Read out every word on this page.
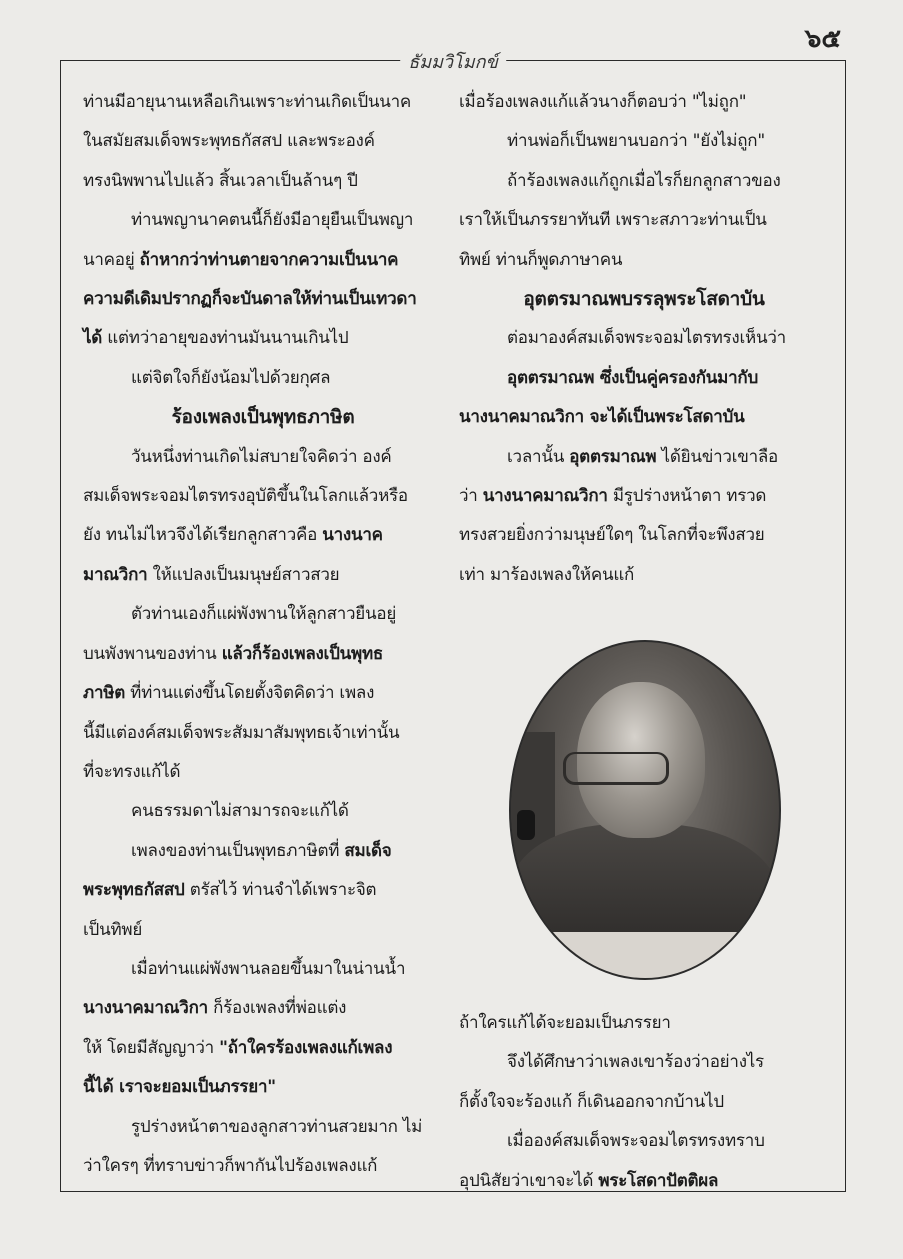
๖๕
ธัมมวิโมกข์

ท่านมีอายุนานเหลือเกินเพราะท่านเกิดเป็นนาค

ในสมัยสมเด็จพระพุทธกัสสป และพระองค์

ทรงนิพพานไปแล้ว สิ้นเวลาเป็นล้านๆ ปี

ท่านพญานาคตนนี้ก็ยังมีอายุยืนเป็นพญา

นาคอยู่ ถ้าหากว่าท่านตายจากความเป็นนาค

ความดีเดิมปรากฏก็จะบันดาลให้ท่านเป็นเทวดา

ได้ แต่ทว่าอายุของท่านมันนานเกินไป

แต่จิตใจก็ยังน้อมไปด้วยกุศล

ร้องเพลงเป็นพุทธภาษิต

วันหนึ่งท่านเกิดไม่สบายใจคิดว่า องค์

สมเด็จพระจอมไตรทรงอุบัติขึ้นในโลกแล้วหรือ

ยัง ทนไม่ไหวจึงได้เรียกลูกสาวคือ นางนาค

มาณวิกา ให้แปลงเป็นมนุษย์สาวสวย

ตัวท่านเองก็แผ่พังพานให้ลูกสาวยืนอยู่

บนพังพานของท่าน แล้วก็ร้องเพลงเป็นพุทธ

ภาษิต ที่ท่านแต่งขึ้นโดยตั้งจิตคิดว่า เพลง

นี้มีแต่องค์สมเด็จพระสัมมาสัมพุทธเจ้าเท่านั้น

ที่จะทรงแก้ได้

คนธรรมดาไม่สามารถจะแก้ได้

เพลงของท่านเป็นพุทธภาษิตที่ สมเด็จ

พระพุทธกัสสป ตรัสไว้ ท่านจำได้เพราะจิต

เป็นทิพย์

เมื่อท่านแผ่พังพานลอยขึ้นมาในน่านน้ำ

นางนาคมาณวิกา ก็ร้องเพลงที่พ่อแต่ง

ให้ โดยมีสัญญาว่า "ถ้าใครร้องเพลงแก้เพลง

นี้ได้ เราจะยอมเป็นภรรยา"

รูปร่างหน้าตาของลูกสาวท่านสวยมาก ไม่

ว่าใครๆ ที่ทราบข่าวก็พากันไปร้องเพลงแก้

เมื่อร้องเพลงแก้แล้วนางก็ตอบว่า "ไม่ถูก"

ท่านพ่อก็เป็นพยานบอกว่า "ยังไม่ถูก"

ถ้าร้องเพลงแก้ถูกเมื่อไรก็ยกลูกสาวของ

เราให้เป็นภรรยาทันที เพราะสภาวะท่านเป็น

ทิพย์ ท่านก็พูดภาษาคน

อุตตรมาณพบรรลุพระโสดาบัน

ต่อมาองค์สมเด็จพระจอมไตรทรงเห็นว่า

อุตตรมาณพ ซึ่งเป็นคู่ครองกันมากับ

นางนาคมาณวิกา จะได้เป็นพระโสดาบัน

เวลานั้น อุตตรมาณพ ได้ยินข่าวเขาลือ

ว่า นางนาคมาณวิกา มีรูปร่างหน้าตา ทรวด

ทรงสวยยิ่งกว่ามนุษย์ใดๆ ในโลกที่จะพึงสวย

เท่า มาร้องเพลงให้คนแก้

ถ้าใครแก้ได้จะยอมเป็นภรรยา

จึงได้ศึกษาว่าเพลงเขาร้องว่าอย่างไร

ก็ตั้งใจจะร้องแก้ ก็เดินออกจากบ้านไป

เมื่อองค์สมเด็จพระจอมไตรทรงทราบ

อุปนิสัยว่าเขาจะได้ พระโสดาปัตติผล
